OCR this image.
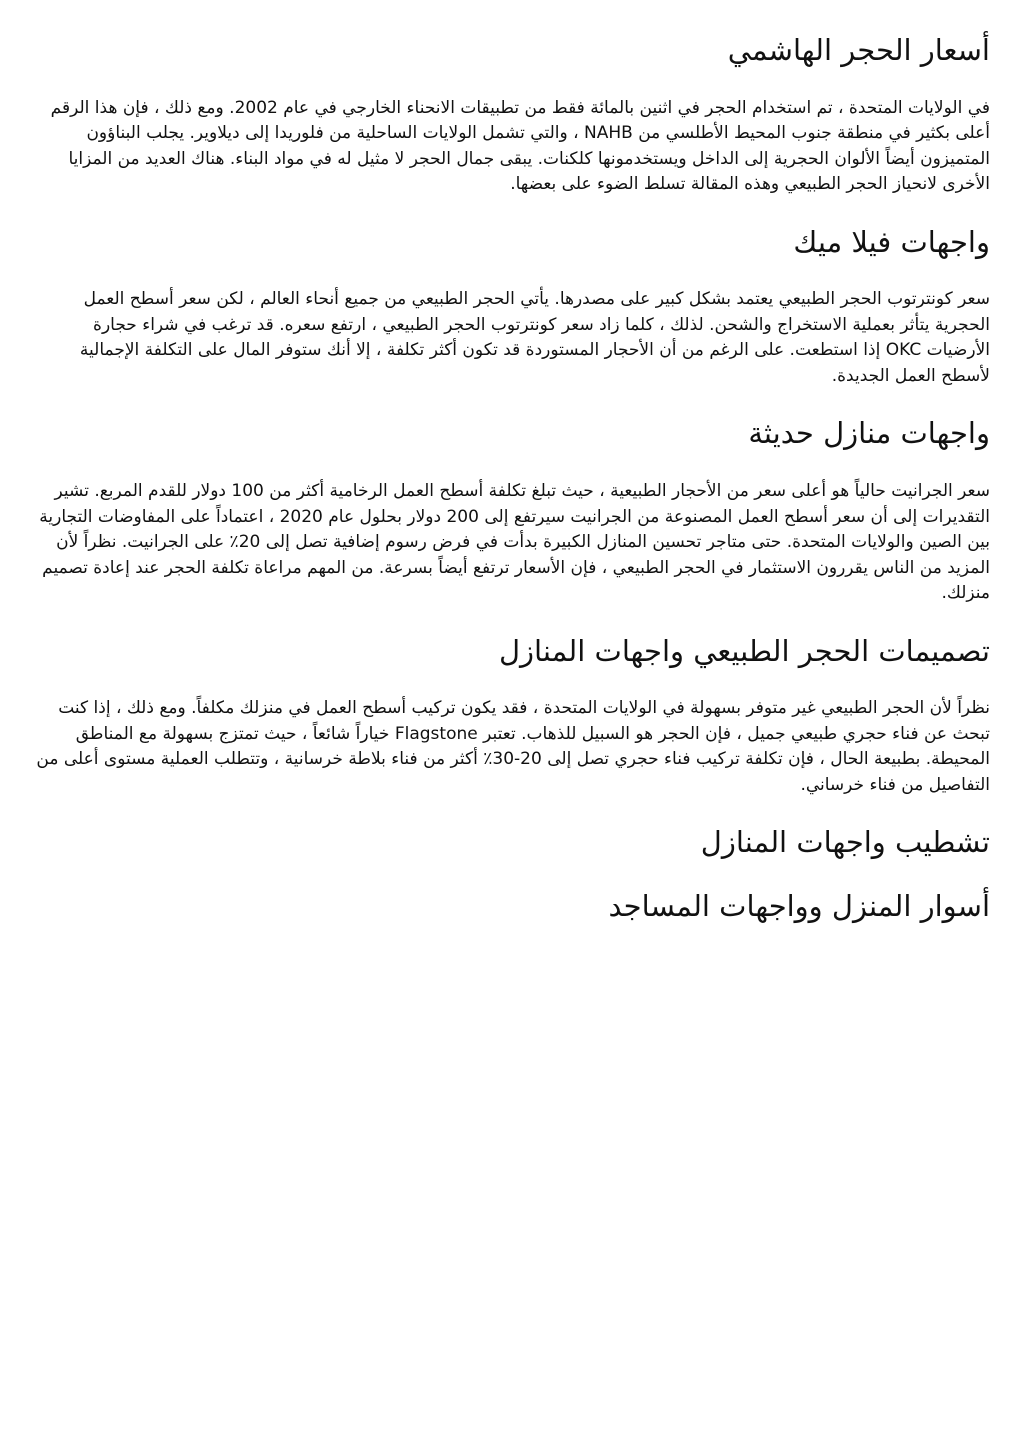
أسعار الحجر الهاشمي

في الولايات المتحدة ، تم استخدام الحجر في اثنين بالمائة فقط من تطبيقات الانحناء الخارجي في عام 2002. ومع ذلك ، فإن هذا الرقم أعلى بكثير في منطقة جنوب المحيط الأطلسي من NAHB ، والتي تشمل الولايات الساحلية من فلوريدا إلى ديلاوير. يجلب البناؤون المتميزون أيضاً الألوان الحجرية إلى الداخل ويستخدمونها كلكنات. يبقى جمال الحجر لا مثيل له في مواد البناء. هناك العديد من المزايا الأخرى لانحياز الحجر الطبيعي وهذه المقالة تسلط الضوء على بعضها.

واجهات فيلا ميك

سعر كونترتوب الحجر الطبيعي يعتمد بشكل كبير على مصدرها. يأتي الحجر الطبيعي من جميع أنحاء العالم ، لكن سعر أسطح العمل الحجرية يتأثر بعملية الاستخراج والشحن. لذلك ، كلما زاد سعر كونترتوب الحجر الطبيعي ، ارتفع سعره. قد ترغب في شراء حجارة الأرضيات OKC إذا استطعت. على الرغم من أن الأحجار المستوردة قد تكون أكثر تكلفة ، إلا أنك ستوفر المال على التكلفة الإجمالية لأسطح العمل الجديدة.

واجهات منازل حديثة

سعر الجرانيت حالياً هو أعلى سعر من الأحجار الطبيعية ، حيث تبلغ تكلفة أسطح العمل الرخامية أكثر من 100 دولار للقدم المربع. تشير التقديرات إلى أن سعر أسطح العمل المصنوعة من الجرانيت سيرتفع إلى 200 دولار بحلول عام 2020 ، اعتماداً على المفاوضات التجارية بين الصين والولايات المتحدة. حتى متاجر تحسين المنازل الكبيرة بدأت في فرض رسوم إضافية تصل إلى 20٪ على الجرانيت. نظراً لأن المزيد من الناس يقررون الاستثمار في الحجر الطبيعي ، فإن الأسعار ترتفع أيضاً بسرعة. من المهم مراعاة تكلفة الحجر عند إعادة تصميم منزلك.

تصميمات الحجر الطبيعي واجهات المنازل

نظراً لأن الحجر الطبيعي غير متوفر بسهولة في الولايات المتحدة ، فقد يكون تركيب أسطح العمل في منزلك مكلفاً. ومع ذلك ، إذا كنت تبحث عن فناء حجري طبيعي جميل ، فإن الحجر هو السبيل للذهاب. تعتبر Flagstone خياراً شائعاً ، حيث تمتزج بسهولة مع المناطق المحيطة. بطبيعة الحال ، فإن تكلفة تركيب فناء حجري تصل إلى 20-30٪ أكثر من فناء بلاطة خرسانية ، وتتطلب العملية مستوى أعلى من التفاصيل من فناء خرساني.

تشطيب واجهات المنازل
أسوار المنزل وواجهات المساجد
